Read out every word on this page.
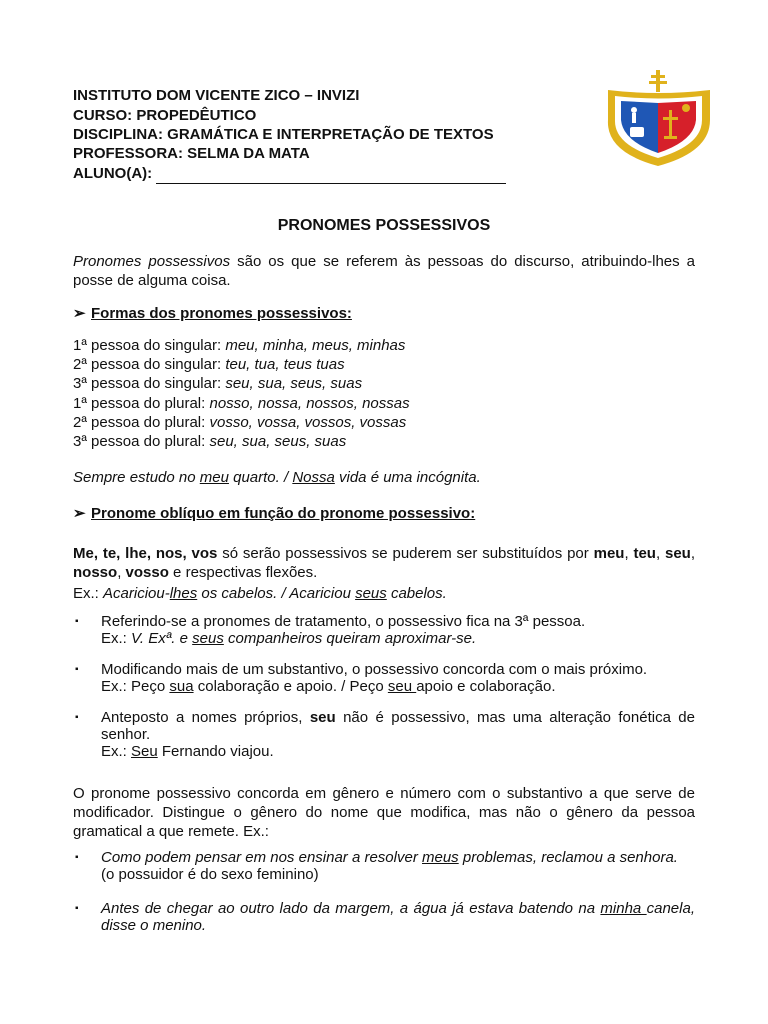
INSTITUTO DOM VICENTE ZICO – INVIZI
CURSO: PROPEDÊUTICO
DISCIPLINA: GRAMÁTICA E INTERPRETAÇÃO DE TEXTOS
PROFESSORA: SELMA DA MATA
ALUNO(A):
PRONOMES POSSESSIVOS
Pronomes possessivos são os que se referem às pessoas do discurso, atribuindo-lhes a posse de alguma coisa.
➢ Formas dos pronomes possessivos:
1ª pessoa do singular: meu, minha, meus, minhas
2ª pessoa do singular: teu, tua, teus tuas
3ª pessoa do singular: seu, sua, seus, suas
1ª pessoa do plural: nosso, nossa, nossos, nossas
2ª pessoa do plural: vosso, vossa, vossos, vossas
3ª pessoa do plural: seu, sua, seus, suas
Sempre estudo no meu quarto. / Nossa vida é uma incógnita.
➢ Pronome oblíquo em função do pronome possessivo:
Me, te, lhe, nos, vos só serão possessivos se puderem ser substituídos por meu, teu, seu, nosso, vosso e respectivas flexões.
Ex.: Acariciou-lhes os cabelos. / Acariciou seus cabelos.
▪ Referindo-se a pronomes de tratamento, o possessivo fica na 3ª pessoa.
Ex.: V. Exª. e seus companheiros queiram aproximar-se.
▪ Modificando mais de um substantivo, o possessivo concorda com o mais próximo.
Ex.: Peço sua colaboração e apoio. / Peço seu apoio e colaboração.
▪ Anteposto a nomes próprios, seu não é possessivo, mas uma alteração fonética de senhor.
Ex.: Seu Fernando viajou.
O pronome possessivo concorda em gênero e número com o substantivo a que serve de modificador. Distingue o gênero do nome que modifica, mas não o gênero da pessoa gramatical a que remete. Ex.:
▪ Como podem pensar em nos ensinar a resolver meus problemas, reclamou a senhora.
(o possuidor é do sexo feminino)
▪ Antes de chegar ao outro lado da margem, a água já estava batendo na minha canela, disse o menino.
